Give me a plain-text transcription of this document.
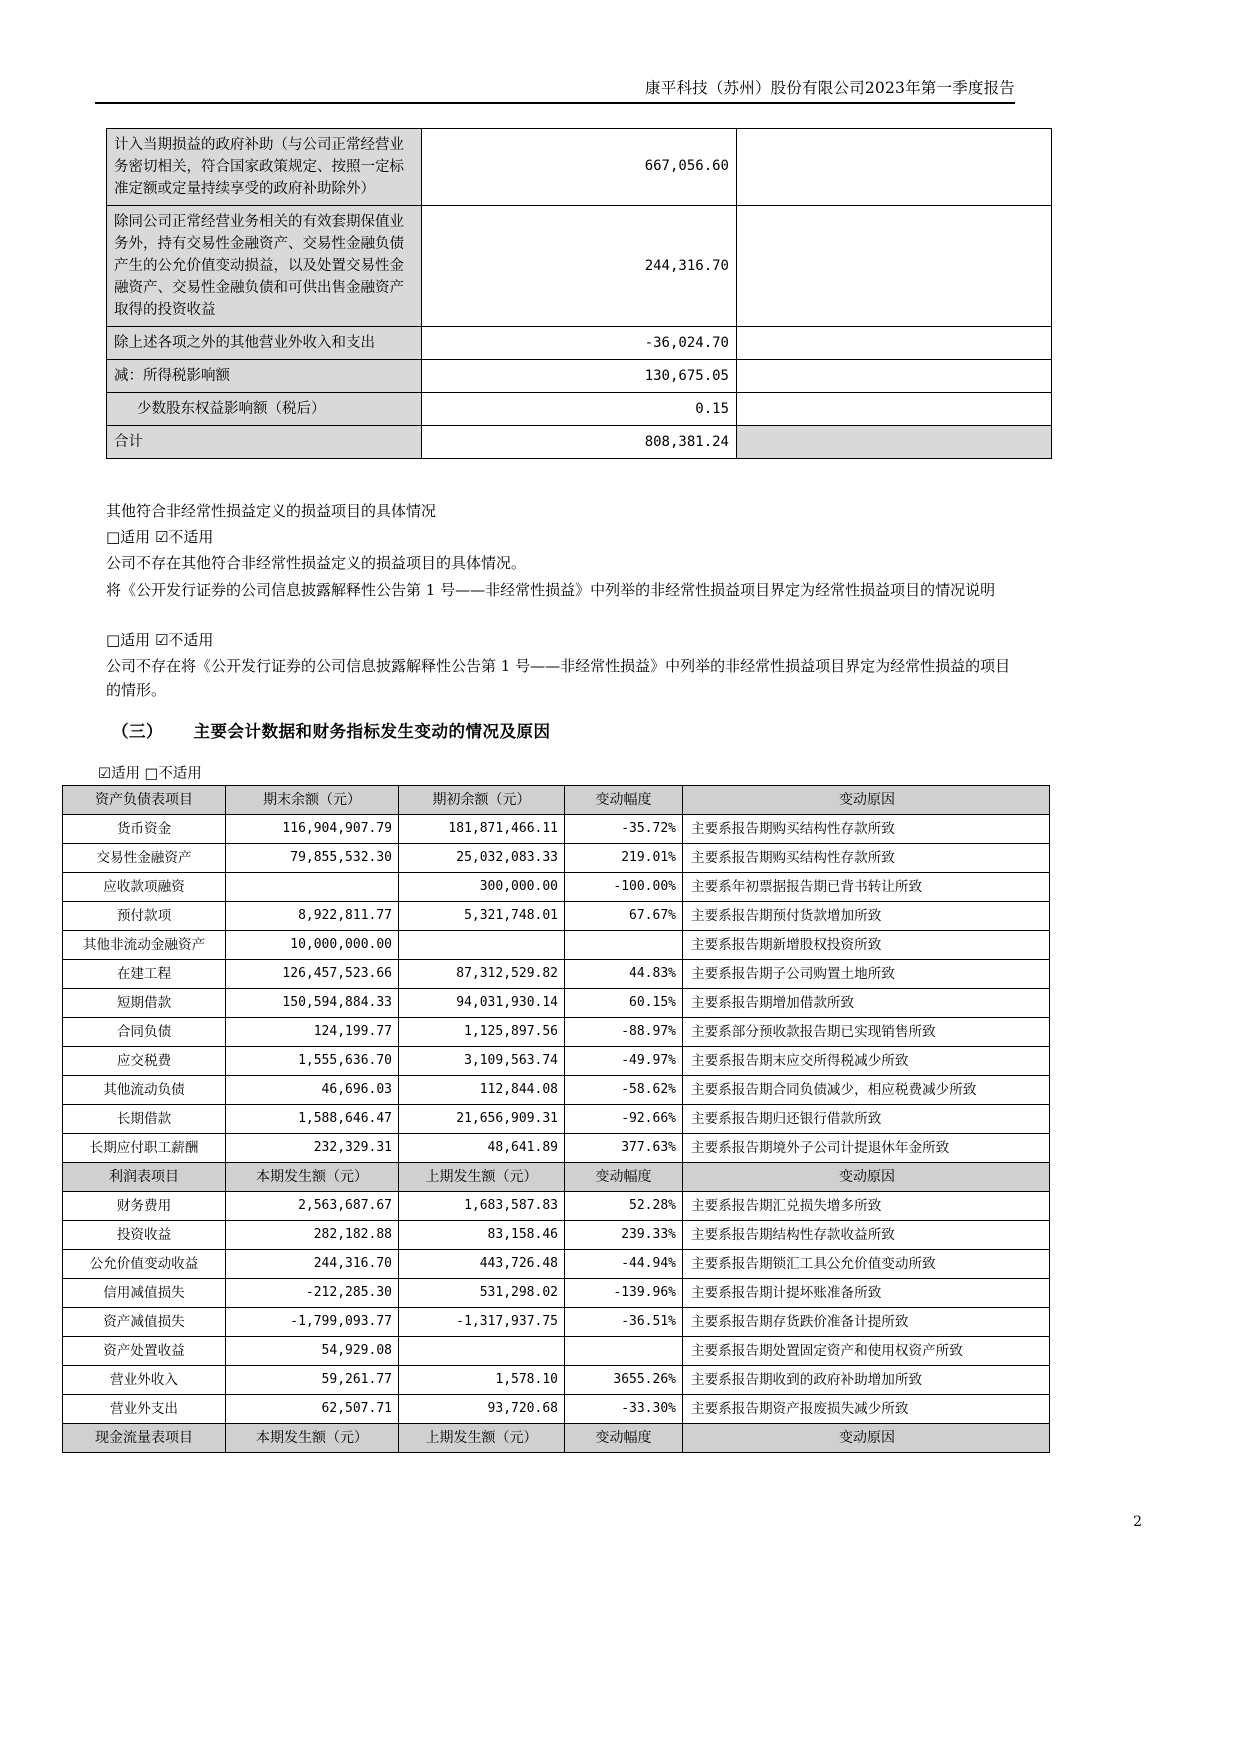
康平科技（苏州）股份有限公司2023年第一季度报告
计入当期损益的政府补助（与公司正常经营业务密切相关，符合国家政策规定、按照一定标准定额或定量持续享受的政府补助除外）	667,056.60	
除同公司正常经营业务相关的有效套期保值业务外，持有交易性金融资产、交易性金融负债产生的公允价值变动损益，以及处置交易性金融资产、交易性金融负债和可供出售金融资产取得的投资收益	244,316.70	
除上述各项之外的其他营业外收入和支出	-36,024.70	
减：所得税影响额	130,675.05	
少数股东权益影响额（税后）	0.15	
合计	808,381.24	
其他符合非经常性损益定义的损益项目的具体情况
□适用 ☑不适用
公司不存在其他符合非经常性损益定义的损益项目的具体情况。
将《公开发行证券的公司信息披露解释性公告第 1 号——非经常性损益》中列举的非经常性损益项目界定为经常性损益项目的情况说明
□适用 ☑不适用
公司不存在将《公开发行证券的公司信息披露解释性公告第 1 号——非经常性损益》中列举的非经常性损益项目界定为经常性损益的项目的情形。
（三） 主要会计数据和财务指标发生变动的情况及原因
☑适用 □不适用
资产负债表项目	期末余额（元）	期初余额（元）	变动幅度	变动原因
货币资金	116,904,907.79	181,871,466.11	-35.72%	主要系报告期购买结构性存款所致
交易性金融资产	79,855,532.30	25,032,083.33	219.01%	主要系报告期购买结构性存款所致
应收款项融资		300,000.00	-100.00%	主要系年初票据报告期已背书转让所致
预付款项	8,922,811.77	5,321,748.01	67.67%	主要系报告期预付货款增加所致
其他非流动金融资产	10,000,000.00			主要系报告期新增股权投资所致
在建工程	126,457,523.66	87,312,529.82	44.83%	主要系报告期子公司购置土地所致
短期借款	150,594,884.33	94,031,930.14	60.15%	主要系报告期增加借款所致
合同负债	124,199.77	1,125,897.56	-88.97%	主要系部分预收款报告期已实现销售所致
应交税费	1,555,636.70	3,109,563.74	-49.97%	主要系报告期末应交所得税减少所致
其他流动负债	46,696.03	112,844.08	-58.62%	主要系报告期合同负债减少，相应税费减少所致
长期借款	1,588,646.47	21,656,909.31	-92.66%	主要系报告期归还银行借款所致
长期应付职工薪酬	232,329.31	48,641.89	377.63%	主要系报告期境外子公司计提退休年金所致
利润表项目	本期发生额（元）	上期发生额（元）	变动幅度	变动原因
财务费用	2,563,687.67	1,683,587.83	52.28%	主要系报告期汇兑损失增多所致
投资收益	282,182.88	83,158.46	239.33%	主要系报告期结构性存款收益所致
公允价值变动收益	244,316.70	443,726.48	-44.94%	主要系报告期锁汇工具公允价值变动所致
信用减值损失	-212,285.30	531,298.02	-139.96%	主要系报告期计提坏账准备所致
资产减值损失	-1,799,093.77	-1,317,937.75	-36.51%	主要系报告期存货跌价准备计提所致
资产处置收益	54,929.08			主要系报告期处置固定资产和使用权资产所致
营业外收入	59,261.77	1,578.10	3655.26%	主要系报告期收到的政府补助增加所致
营业外支出	62,507.71	93,720.68	-33.30%	主要系报告期资产报废损失减少所致
现金流量表项目	本期发生额（元）	上期发生额（元）	变动幅度	变动原因
2
